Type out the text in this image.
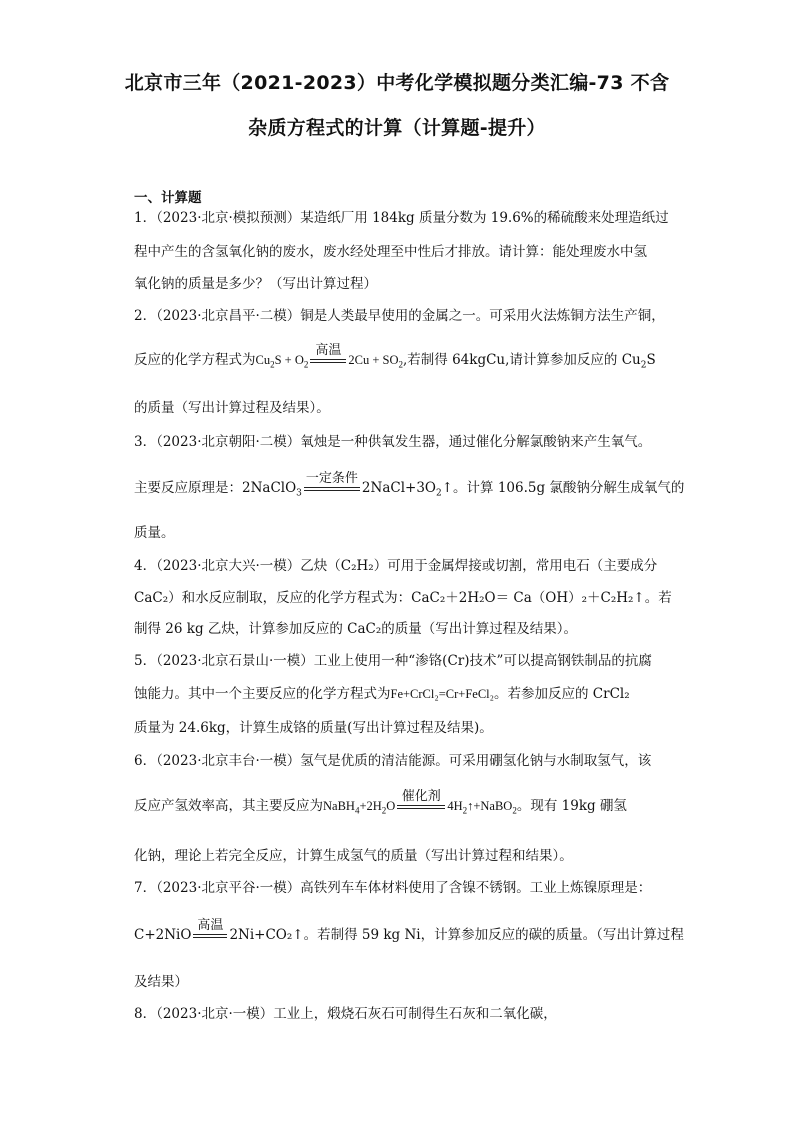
北京市三年（2021-2023）中考化学模拟题分类汇编-73 不含
杂质方程式的计算（计算题-提升）
一、计算题
1．（2023·北京·模拟预测）某造纸厂用 184kg 质量分数为 19.6%的稀硫酸来处理造纸过
程中产生的含氢氧化钠的废水，废水经处理至中性后才排放。请计算：能处理废水中氢
氧化钠的质量是多少？（写出计算过程）
2．（2023·北京昌平·二模）铜是人类最早使用的金属之一。可采用火法炼铜方法生产铜，
反应的化学方程式为$Cu_2S + O_2$
高温
$2Cu + SO_2$,若制得 64kgCu,请计算参加反应的 $Cu_2S$
的质量（写出计算过程及结果）。
3．（2023·北京朝阳·二模）氧烛是一种供氧发生器，通过催化分解氯酸钠来产生氧气。
主要反应原理是：2NaClO$_3$
一定条件
$2NaCl+3O_2↑$。计算 106.5g 氯酸钠分解生成氧气的
质量。
4．（2023·北京大兴·一模）乙炔（C₂H₂）可用于金属焊接或切割，常用电石（主要成分
CaC₂）和水反应制取，反应的化学方程式为：CaC₂＋2H₂O＝ Ca（OH）₂＋C₂H₂↑。若
制得 26 kg 乙炔，计算参加反应的 CaC₂的质量（写出计算过程及结果）。
5．（2023·北京石景山·一模）工业上使用一种“渗铬(Cr)技术”可以提高钢铁制品的抗腐
蚀能力。其中一个主要反应的化学方程式为Fe+CrCl₂=Cr+FeCl₂。若参加反应的 CrCl₂
质量为 24.6kg，计算生成铬的质量(写出计算过程及结果)。
6．（2023·北京丰台·一模）氢气是优质的清洁能源。可采用硼氢化钠与水制取氢气，该
反应产氢效率高，其主要反应为$NaBH_4+2H_2O$
催化剂
$4H_2↑+NaBO_2$。现有 19kg 硼氢
化钠，理论上若完全反应，计算生成氢气的质量（写出计算过程和结果）。
7．（2023·北京平谷·一模）高铁列车车体材料使用了含镍不锈钢。工业上炼镍原理是：
C+2NiO
高温
2Ni+CO₂↑。若制得 59 kg Ni，计算参加反应的碳的质量。（写出计算过程
及结果）
8．（2023·北京·一模）工业上，煅烧石灰石可制得生石灰和二氧化碳，
